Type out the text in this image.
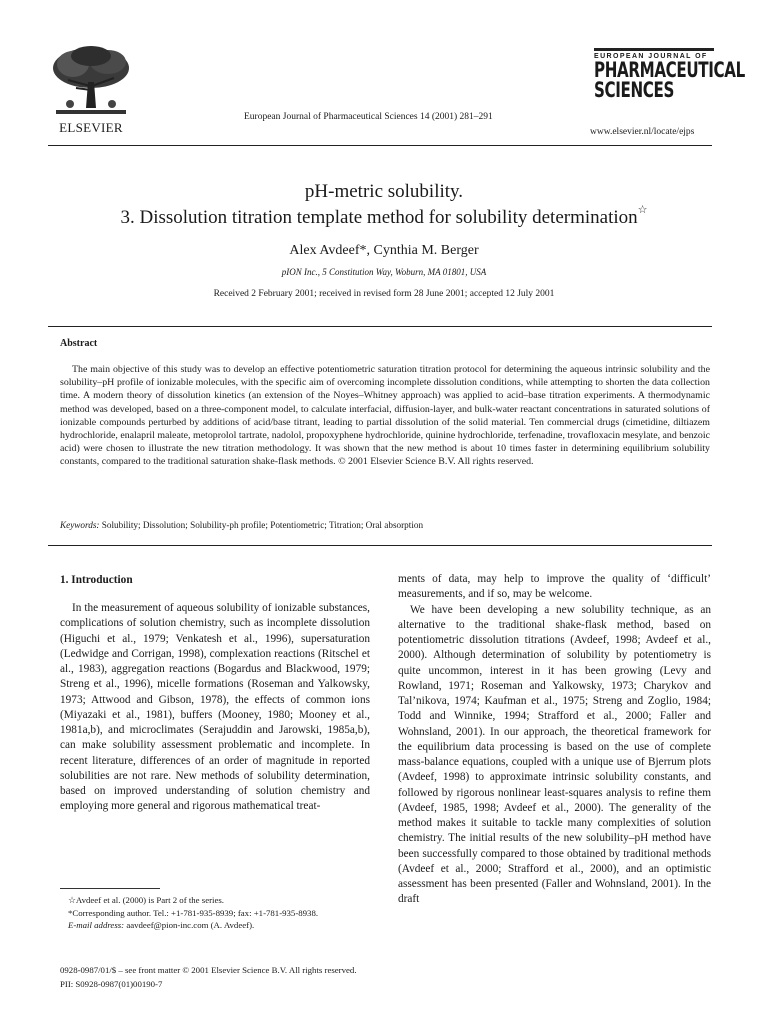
ELSEVIER
European Journal of Pharmaceutical Sciences 14 (2001) 281–291
EUROPEAN JOURNAL OF
PHARMACEUTICAL
SCIENCES
www.elsevier.nl/locate/ejps
pH-metric solubility.
3. Dissolution titration template method for solubility determination☆
Alex Avdeef*, Cynthia M. Berger
pION Inc., 5 Constitution Way, Woburn, MA 01801, USA
Received 2 February 2001; received in revised form 28 June 2001; accepted 12 July 2001
Abstract
The main objective of this study was to develop an effective potentiometric saturation titration protocol for determining the aqueous intrinsic solubility and the solubility–pH profile of ionizable molecules, with the specific aim of overcoming incomplete dissolution conditions, while attempting to shorten the data collection time. A modern theory of dissolution kinetics (an extension of the Noyes–Whitney approach) was applied to acid–base titration experiments. A thermodynamic method was developed, based on a three-component model, to calculate interfacial, diffusion-layer, and bulk-water reactant concentrations in saturated solutions of ionizable compounds perturbed by additions of acid/base titrant, leading to partial dissolution of the solid material. Ten commercial drugs (cimetidine, diltiazem hydrochloride, enalapril maleate, metoprolol tartrate, nadolol, propoxyphene hydrochloride, quinine hydrochloride, terfenadine, trovafloxacin mesylate, and benzoic acid) were chosen to illustrate the new titration methodology. It was shown that the new method is about 10 times faster in determining equilibrium solubility constants, compared to the traditional saturation shake-flask methods. © 2001 Elsevier Science B.V. All rights reserved.
Keywords: Solubility; Dissolution; Solubility-ph profile; Potentiometric; Titration; Oral absorption
1. Introduction

In the measurement of aqueous solubility of ionizable substances, complications of solution chemistry, such as incomplete dissolution (Higuchi et al., 1979; Venkatesh et al., 1996), supersaturation (Ledwidge and Corrigan, 1998), complexation reactions (Ritschel et al., 1983), aggregation reactions (Bogardus and Blackwood, 1979; Streng et al., 1996), micelle formations (Roseman and Yalkowsky, 1973; Attwood and Gibson, 1978), the effects of common ions (Miyazaki et al., 1981), buffers (Mooney, 1980; Mooney et al., 1981a,b), and microclimates (Serajuddin and Jarowski, 1985a,b), can make solubility assessment problematic and incomplete. In recent literature, differences of an order of magnitude in reported solubilities are not rare. New methods of solubility determination, based on improved understanding of solution chemistry and employing more general and rigorous mathematical treat-

ments of data, may help to improve the quality of ‘difficult’ measurements, and if so, may be welcome.

We have been developing a new solubility technique, as an alternative to the traditional shake-flask method, based on potentiometric dissolution titrations (Avdeef, 1998; Avdeef et al., 2000). Although determination of solubility by potentiometry is quite uncommon, interest in it has been growing (Levy and Rowland, 1971; Roseman and Yalkowsky, 1973; Charykov and Tal’nikova, 1974; Kaufman et al., 1975; Streng and Zoglio, 1984; Todd and Winnike, 1994; Strafford et al., 2000; Faller and Wohnsland, 2001). In our approach, the theoretical framework for the equilibrium data processing is based on the use of complete mass-balance equations, coupled with a unique use of Bjerrum plots (Avdeef, 1998) to approximate intrinsic solubility constants, and followed by rigorous nonlinear least-squares analysis to refine them (Avdeef, 1985, 1998; Avdeef et al., 2000). The generality of the method makes it suitable to tackle many complexities of solution chemistry. The initial results of the new solubility–pH method have been successfully compared to those obtained by traditional methods (Avdeef et al., 2000; Strafford et al., 2000), and an optimistic assessment has been presented (Faller and Wohnsland, 2001). In the draft

☆Avdeef et al. (2000) is Part 2 of the series.

*Corresponding author. Tel.: +1-781-935-8939; fax: +1-781-935-8938.

E-mail address: aavdeef@pion-inc.com (A. Avdeef).

0928-0987/01/$ – see front matter © 2001 Elsevier Science B.V. All rights reserved.
PII: S0928-0987(01)00190-7
